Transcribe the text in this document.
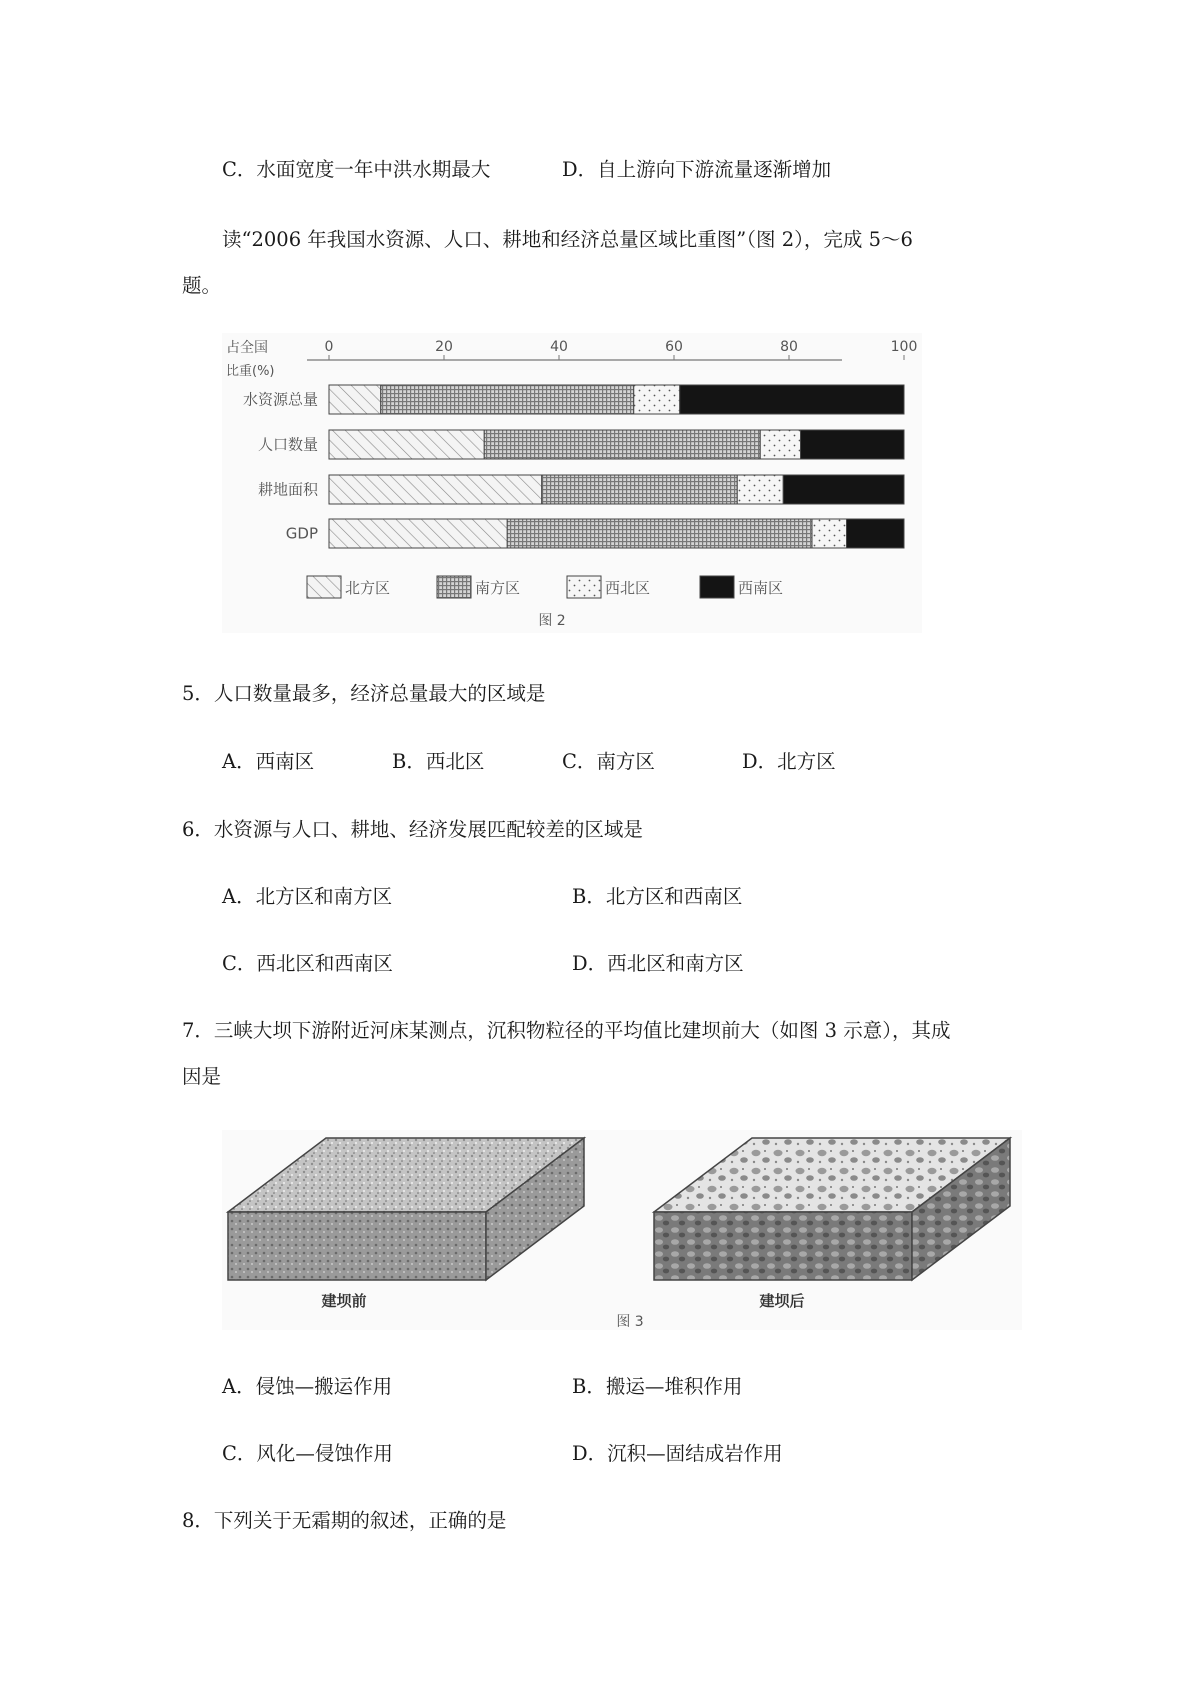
C．水面宽度一年中洪水期最大	D．自上游向下游流量逐渐增加
读“2006 年我国水资源、人口、耕地和经济总量区域比重图”（图 2），完成 5～6
题。
占全国
比重(%)
0	20	40	60	80	100
水资源总量
人口数量
耕地面积
GDP
北方区	南方区	西北区	西南区
图 2
5．人口数量最多，经济总量最大的区域是
A．西南区	B．西北区	C．南方区	D．北方区
6．水资源与人口、耕地、经济发展匹配较差的区域是
A．北方区和南方区	B．北方区和西南区
C．西北区和西南区	D．西北区和南方区
7．三峡大坝下游附近河床某测点，沉积物粒径的平均值比建坝前大（如图 3 示意），其成
因是
建坝前	建坝后
图 3
A．侵蚀—搬运作用	B．搬运—堆积作用
C．风化—侵蚀作用	D．沉积—固结成岩作用
8．下列关于无霜期的叙述，正确的是
